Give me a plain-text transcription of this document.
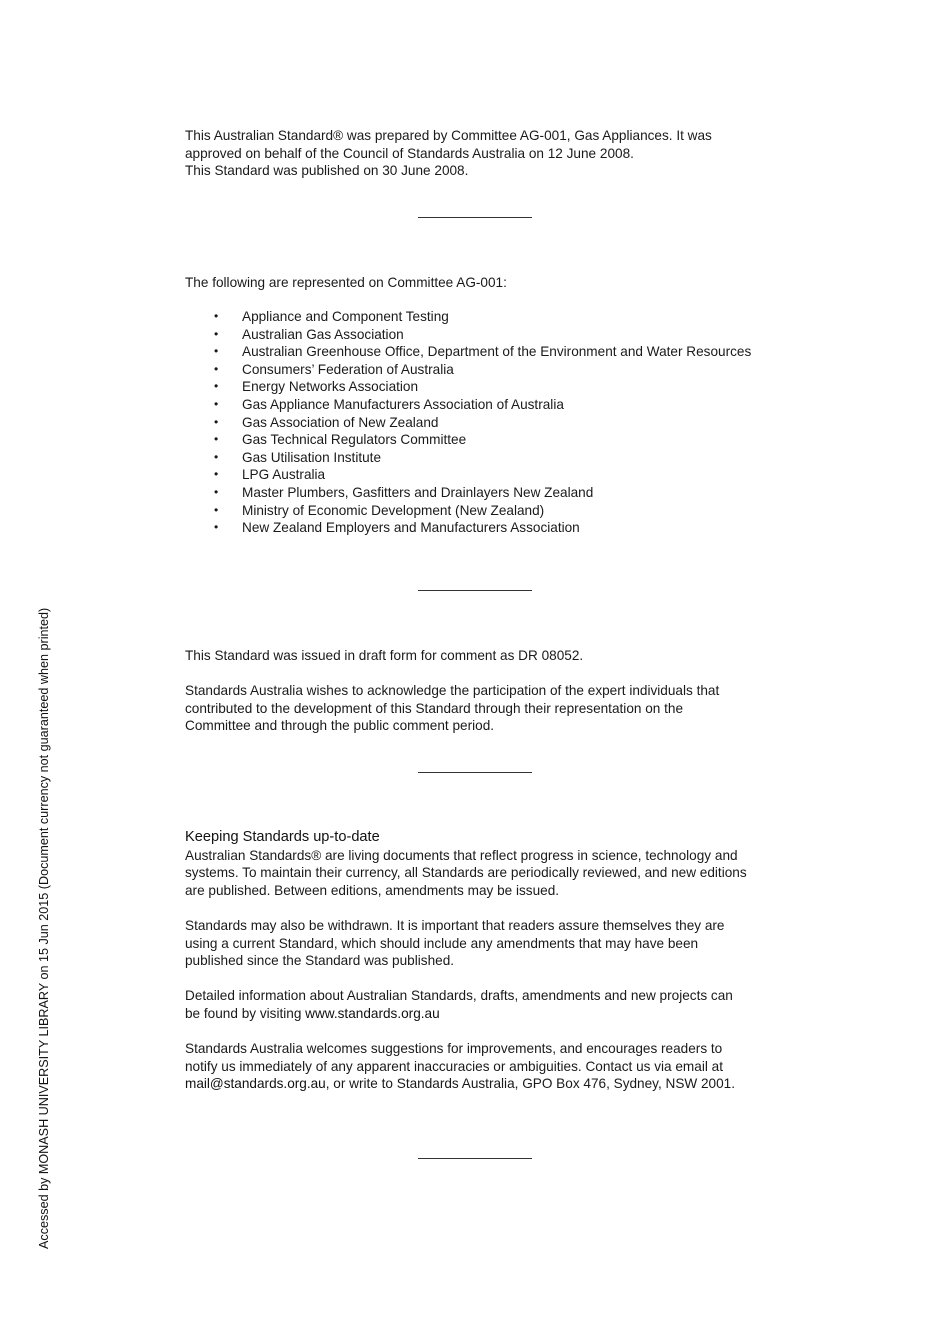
This Australian Standard® was prepared by Committee AG-001, Gas Appliances. It was

approved on behalf of the Council of Standards Australia on 12 June 2008.

This Standard was published on 30 June 2008.

The following are represented on Committee AG-001:

• Appliance and Component Testing
• Australian Gas Association
• Australian Greenhouse Office, Department of the Environment and Water Resources
• Consumers’ Federation of Australia
• Energy Networks Association
• Gas Appliance Manufacturers Association of Australia
• Gas Association of New Zealand
• Gas Technical Regulators Committee
• Gas Utilisation Institute
• LPG Australia
• Master Plumbers, Gasfitters and Drainlayers New Zealand
• Ministry of Economic Development (New Zealand)
• New Zealand Employers and Manufacturers Association

This Standard was issued in draft form for comment as DR 08052.

Standards Australia wishes to acknowledge the participation of the expert individuals that

contributed to the development of this Standard through their representation on the

Committee and through the public comment period.

Keeping Standards up-to-date

Australian Standards® are living documents that reflect progress in science, technology and

systems. To maintain their currency, all Standards are periodically reviewed, and new editions

are published. Between editions, amendments may be issued.

Standards may also be withdrawn. It is important that readers assure themselves they are

using a current Standard, which should include any amendments that may have been

published since the Standard was published.

Detailed information about Australian Standards, drafts, amendments and new projects can

be found by visiting www.standards.org.au

Standards Australia welcomes suggestions for improvements, and encourages readers to

notify us immediately of any apparent inaccuracies or ambiguities. Contact us via email at

mail@standards.org.au, or write to Standards Australia, GPO Box 476, Sydney, NSW 2001.

Accessed by MONASH UNIVERSITY LIBRARY on 15 Jun 2015 (Document currency not guaranteed when printed)
